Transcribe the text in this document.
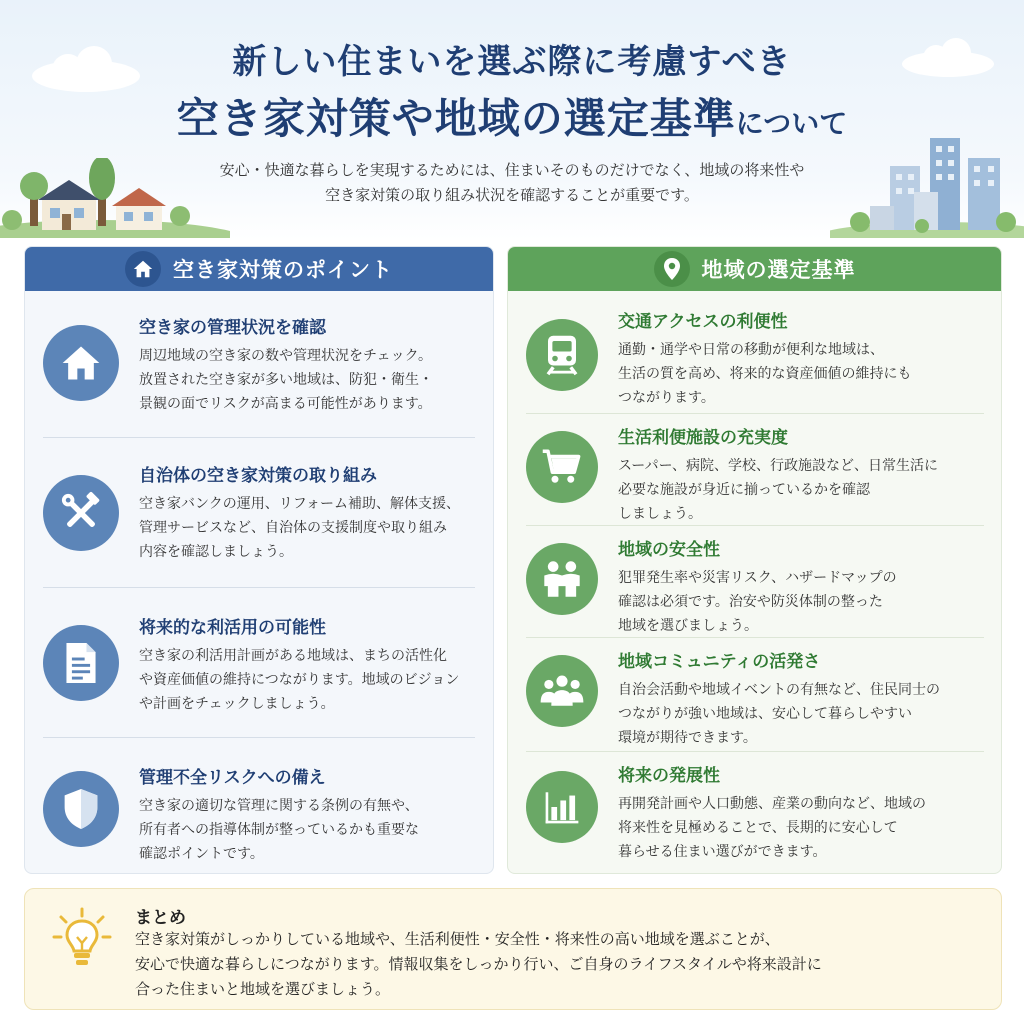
新しい住まいを選ぶ際に考慮すべき
空き家対策や地域の選定基準について
安心・快適な暮らしを実現するためには、住まいそのものだけでなく、地域の将来性や
空き家対策の取り組み状況を確認することが重要です。
空き家対策のポイント
空き家の管理状況を確認
周辺地域の空き家の数や管理状況をチェック。
放置された空き家が多い地域は、防犯・衛生・
景観の面でリスクが高まる可能性があります。
自治体の空き家対策の取り組み
空き家バンクの運用、リフォーム補助、解体支援、
管理サービスなど、自治体の支援制度や取り組み
内容を確認しましょう。
将来的な利活用の可能性
空き家の利活用計画がある地域は、まちの活性化
や資産価値の維持につながります。地域のビジョン
や計画をチェックしましょう。
管理不全リスクへの備え
空き家の適切な管理に関する条例の有無や、
所有者への指導体制が整っているかも重要な
確認ポイントです。
地域の選定基準
交通アクセスの利便性
通勤・通学や日常の移動が便利な地域は、
生活の質を高め、将来的な資産価値の維持にも
つながります。
生活利便施設の充実度
スーパー、病院、学校、行政施設など、日常生活に
必要な施設が身近に揃っているかを確認
しましょう。
地域の安全性
犯罪発生率や災害リスク、ハザードマップの
確認は必須です。治安や防災体制の整った
地域を選びましょう。
地域コミュニティの活発さ
自治会活動や地域イベントの有無など、住民同士の
つながりが強い地域は、安心して暮らしやすい
環境が期待できます。
将来の発展性
再開発計画や人口動態、産業の動向など、地域の
将来性を見極めることで、長期的に安心して
暮らせる住まい選びができます。
まとめ
空き家対策がしっかりしている地域や、生活利便性・安全性・将来性の高い地域を選ぶことが、
安心で快適な暮らしにつながります。情報収集をしっかり行い、ご自身のライフスタイルや将来設計に
合った住まいと地域を選びましょう。
